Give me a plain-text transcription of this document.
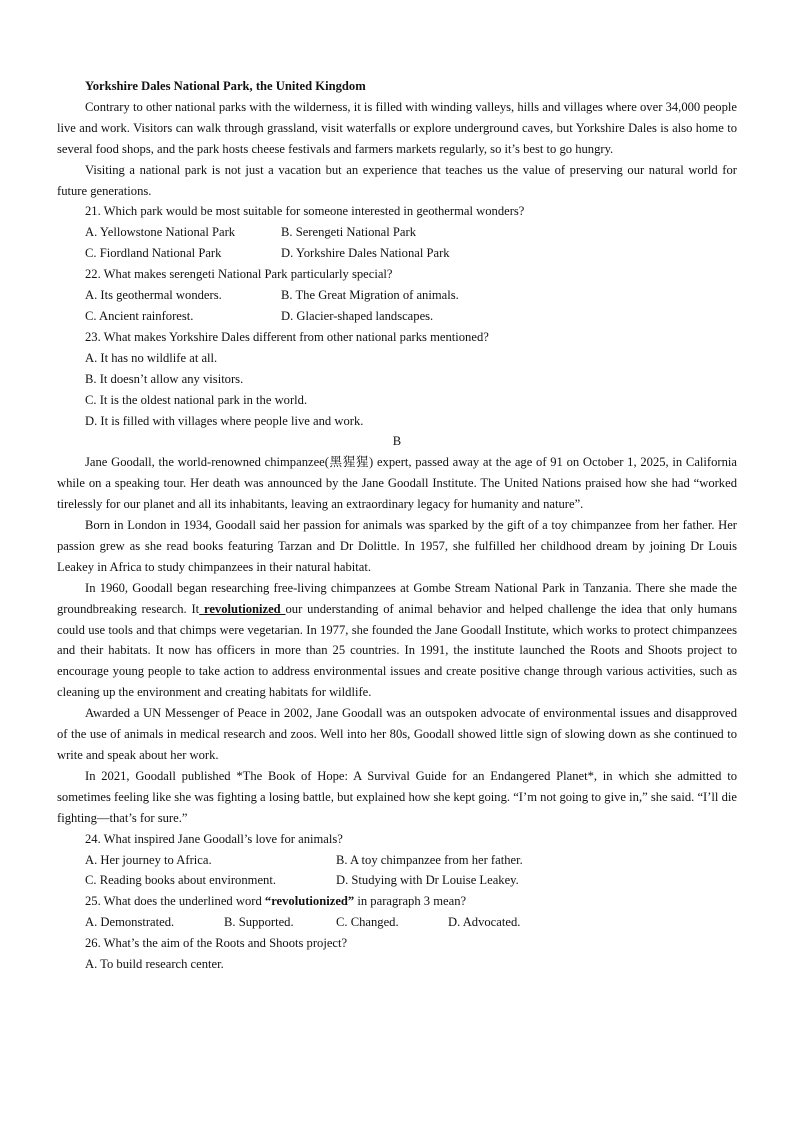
Yorkshire Dales National Park, the United Kingdom

Contrary to other national parks with the wilderness, it is filled with winding valleys, hills and villages where over 34,000 people live and work. Visitors can walk through grassland, visit waterfalls or explore underground caves, but Yorkshire Dales is also home to several food shops, and the park hosts cheese festivals and farmers markets regularly, so it’s best to go hungry.

Visiting a national park is not just a vacation but an experience that teaches us the value of preserving our natural world for future generations.

21. Which park would be most suitable for someone interested in geothermal wonders?

A. Yellowstone National Park	B. Serengeti National Park
C. Fiordland National Park	D. Yorkshire Dales National Park

22. What makes serengeti National Park particularly special?

A. Its geothermal wonders.	B. The Great Migration of animals.
C. Ancient rainforest.	D. Glacier-shaped landscapes.

23. What makes Yorkshire Dales different from other national parks mentioned?

A. It has no wildlife at all.

B. It doesn’t allow any visitors.

C. It is the oldest national park in the world.

D. It is filled with villages where people live and work.

B

Jane Goodall, the world-renowned chimpanzee(黑猩猩) expert, passed away at the age of 91 on October 1, 2025, in California while on a speaking tour. Her death was announced by the Jane Goodall Institute. The United Nations praised how she had “worked tirelessly for our planet and all its inhabitants, leaving an extraordinary legacy for humanity and nature”.

Born in London in 1934, Goodall said her passion for animals was sparked by the gift of a toy chimpanzee from her father. Her passion grew as she read books featuring Tarzan and Dr Dolittle. In 1957, she fulfilled her childhood dream by joining Dr Louis Leakey in Africa to study chimpanzees in their natural habitat.

In 1960, Goodall began researching free-living chimpanzees at Gombe Stream National Park in Tanzania. There she made the groundbreaking research. It revolutionized our understanding of animal behavior and helped challenge the idea that only humans could use tools and that chimps were vegetarian. In 1977, she founded the Jane Goodall Institute, which works to protect chimpanzees and their habitats. It now has officers in more than 25 countries. In 1991, the institute launched the Roots and Shoots project to encourage young people to take action to address environmental issues and create positive change through various activities, such as cleaning up the environment and creating habitats for wildlife.

Awarded a UN Messenger of Peace in 2002, Jane Goodall was an outspoken advocate of environmental issues and disapproved of the use of animals in medical research and zoos. Well into her 80s, Goodall showed little sign of slowing down as she continued to write and speak about her work.

In 2021, Goodall published *The Book of Hope: A Survival Guide for an Endangered Planet*, in which she admitted to sometimes feeling like she was fighting a losing battle, but explained how she kept going. “I’m not going to give in,” she said. “I’ll die fighting—that’s for sure.”

24. What inspired Jane Goodall’s love for animals?

A. Her journey to Africa.	B. A toy chimpanzee from her father.
C. Reading books about environment.	D. Studying with Dr Louise Leakey.

25. What does the underlined word “revolutionized” in paragraph 3 mean?

A. Demonstrated.	B. Supported.	C. Changed.	D. Advocated.

26. What’s the aim of the Roots and Shoots project?

A. To build research center.
